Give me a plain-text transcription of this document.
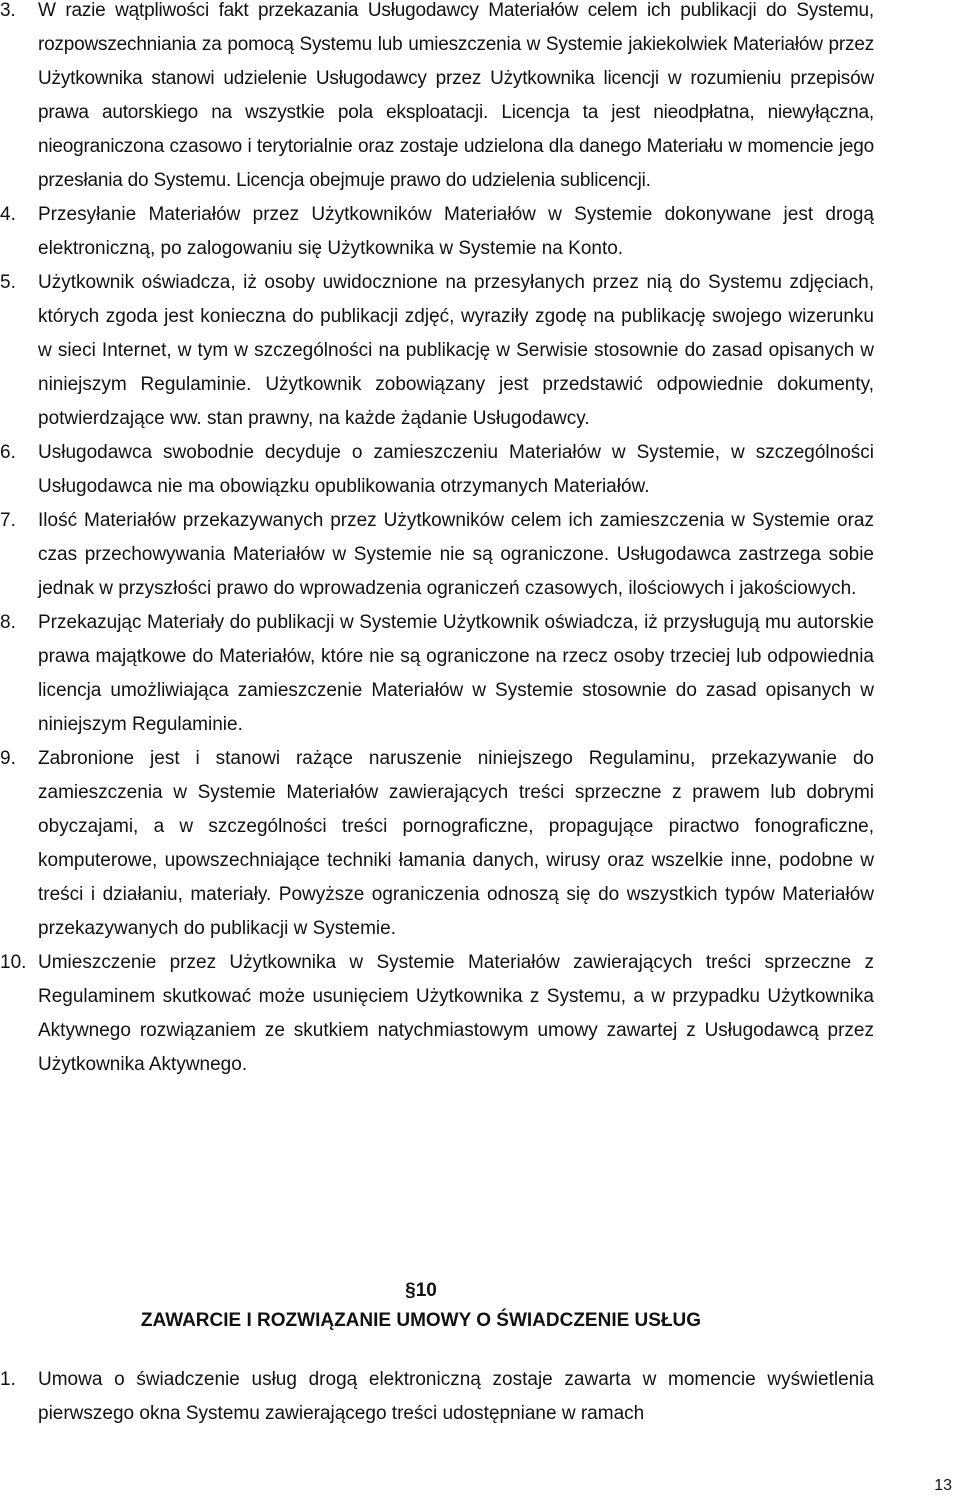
3.	W razie wątpliwości fakt przekazania Usługodawcy Materiałów celem ich publikacji do Systemu, rozpowszechniania za pomocą Systemu lub umieszczenia w Systemie jakiekolwiek Materiałów przez Użytkownika stanowi udzielenie Usługodawcy przez Użytkownika licencji w rozumieniu przepisów prawa autorskiego na wszystkie pola eksploatacji. Licencja ta jest nieodpłatna, niewyłączna, nieograniczona czasowo i terytorialnie oraz zostaje udzielona dla danego Materiału w momencie jego przesłania do Systemu. Licencja obejmuje prawo do udzielenia sublicencji.
4.	Przesyłanie Materiałów przez Użytkowników Materiałów w Systemie dokonywane jest drogą elektroniczną, po zalogowaniu się Użytkownika w Systemie na Konto.
5.	Użytkownik oświadcza, iż osoby uwidocznione na przesyłanych przez nią do Systemu zdjęciach, których zgoda jest konieczna do publikacji zdjęć, wyraziły zgodę na publikację swojego wizerunku w sieci Internet, w tym w szczególności na publikację w Serwisie stosownie do zasad opisanych w niniejszym Regulaminie. Użytkownik zobowiązany jest przedstawić odpowiednie dokumenty, potwierdzające ww. stan prawny, na każde żądanie Usługodawcy.
6.	Usługodawca swobodnie decyduje o zamieszczeniu Materiałów w Systemie, w szczególności Usługodawca nie ma obowiązku opublikowania otrzymanych Materiałów.
7.	Ilość Materiałów przekazywanych przez Użytkowników celem ich zamieszczenia w Systemie oraz czas przechowywania Materiałów w Systemie nie są ograniczone. Usługodawca zastrzega sobie jednak w przyszłości prawo do wprowadzenia ograniczeń czasowych, ilościowych i jakościowych.
8.	Przekazując Materiały do publikacji w Systemie Użytkownik oświadcza, iż przysługują mu autorskie prawa majątkowe do Materiałów, które nie są ograniczone na rzecz osoby trzeciej lub odpowiednia licencja umożliwiająca zamieszczenie Materiałów w Systemie stosownie do zasad opisanych w niniejszym Regulaminie.
9.	Zabronione jest i stanowi rażące naruszenie niniejszego Regulaminu, przekazywanie do zamieszczenia w Systemie Materiałów zawierających treści sprzeczne z prawem lub dobrymi obyczajami, a w szczególności treści pornograficzne, propagujące piractwo fonograficzne, komputerowe, upowszechniające techniki łamania danych, wirusy oraz wszelkie inne, podobne w treści i działaniu, materiały. Powyższe ograniczenia odnoszą się do wszystkich typów Materiałów przekazywanych do publikacji w Systemie.
10. Umieszczenie przez Użytkownika w Systemie Materiałów zawierających treści sprzeczne z Regulaminem skutkować może usunięciem Użytkownika z Systemu, a w przypadku Użytkownika Aktywnego rozwiązaniem ze skutkiem natychmiastowym umowy zawartej z Usługodawcą przez Użytkownika Aktywnego.
§10
ZAWARCIE I ROZWIĄZANIE UMOWY O ŚWIADCZENIE USŁUG
1.	Umowa o świadczenie usług drogą elektroniczną zostaje zawarta w momencie wyświetlenia pierwszego okna Systemu zawierającego treści udostępniane w ramach
13
